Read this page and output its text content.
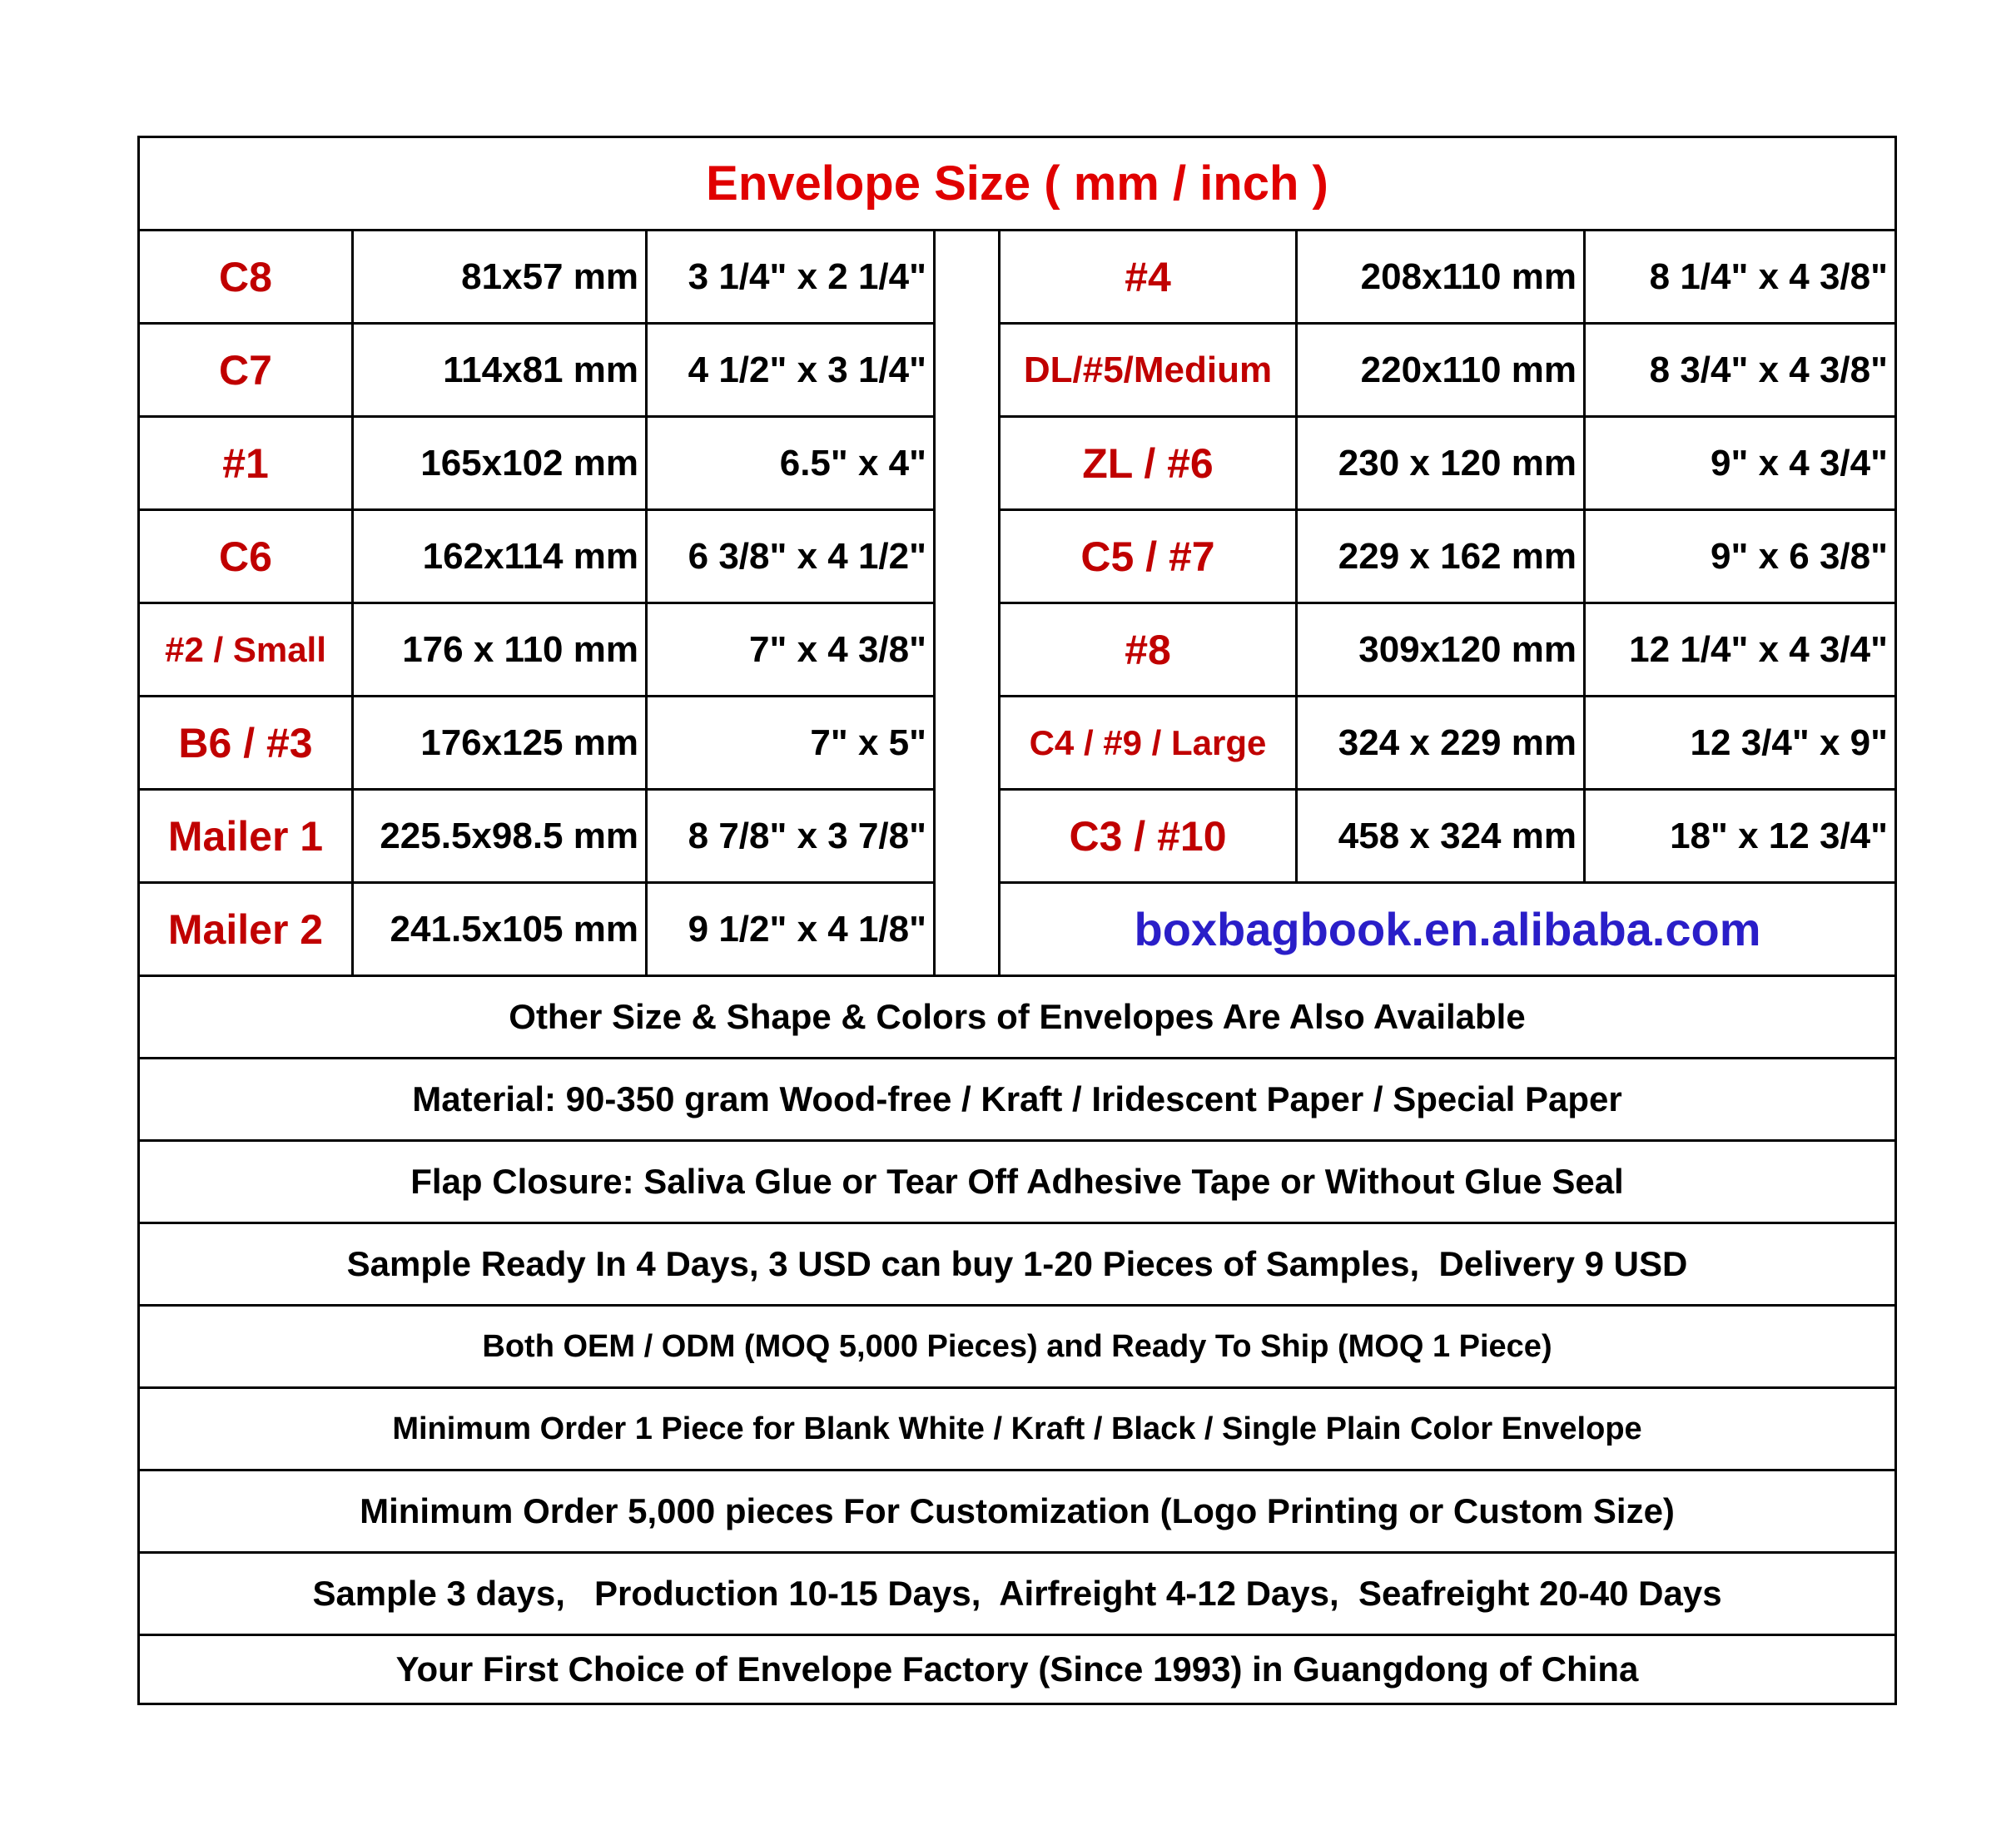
Envelope Size ( mm / inch )
C8	81x57 mm	3 1/4" x 2 1/4"
C7	114x81 mm	4 1/2" x 3 1/4"
#1	165x102 mm	6.5" x 4"
C6	162x114 mm	6 3/8" x 4 1/2"
#2 / Small	176 x 110 mm	7" x 4 3/8"
B6 / #3	176x125 mm	7" x 5"
Mailer 1	225.5x98.5 mm	8 7/8" x 3 7/8"
Mailer 2	241.5x105 mm	9 1/2" x 4 1/8"
#4	208x110 mm	8 1/4" x 4 3/8"
DL/#5/Medium	220x110 mm	8 3/4" x 4 3/8"
ZL / #6	230 x 120 mm	9" x 4 3/4"
C5 / #7	229 x 162 mm	9" x 6 3/8"
#8	309x120 mm	12 1/4" x 4 3/4"
C4 / #9 / Large	324 x 229 mm	12 3/4" x 9"
C3 / #10	458 x 324 mm	18" x 12 3/4"
boxbagbook.en.alibaba.com
Other Size & Shape & Colors of Envelopes Are Also Available
Material: 90-350 gram Wood-free / Kraft / Iridescent Paper / Special Paper
Flap Closure: Saliva Glue or Tear Off Adhesive Tape or Without Glue Seal
Sample Ready In 4 Days, 3 USD can buy 1-20 Pieces of Samples,  Delivery 9 USD
Both OEM / ODM (MOQ 5,000 Pieces) and Ready To Ship (MOQ 1 Piece)
Minimum Order 1 Piece for Blank White / Kraft / Black / Single Plain Color Envelope
Minimum Order 5,000 pieces For Customization (Logo Printing or Custom Size)
Sample 3 days,   Production 10-15 Days,  Airfreight 4-12 Days,  Seafreight 20-40 Days
Your First Choice of Envelope Factory (Since 1993) in Guangdong of China
